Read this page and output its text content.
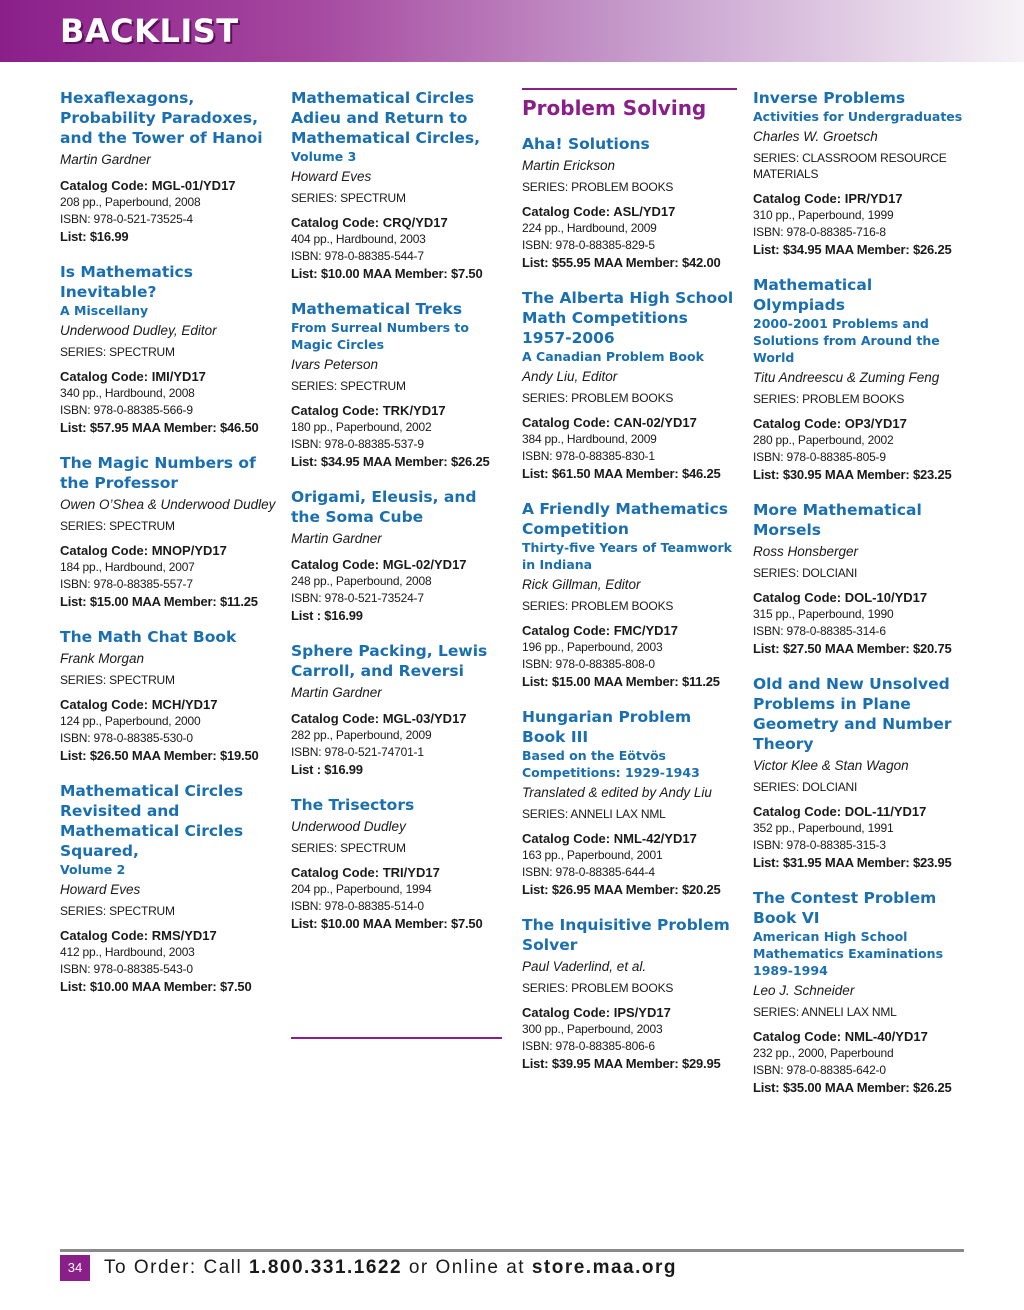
BACKLIST
Hexaflexagons, Probability Paradoxes, and the Tower of Hanoi
Martin Gardner
Catalog Code: MGL-01/YD17
208 pp., Paperbound, 2008
ISBN: 978-0-521-73525-4
List: $16.99
Is Mathematics Inevitable?
A Miscellany
Underwood Dudley, Editor
SERIES: SPECTRUM
Catalog Code: IMI/YD17
340 pp., Hardbound, 2008
ISBN: 978-0-88385-566-9
List: $57.95 MAA Member: $46.50
The Magic Numbers of the Professor
Owen O’Shea & Underwood Dudley
SERIES: SPECTRUM
Catalog Code: MNOP/YD17
184 pp., Hardbound, 2007
ISBN: 978-0-88385-557-7
List: $15.00 MAA Member: $11.25
The Math Chat Book
Frank Morgan
SERIES: SPECTRUM
Catalog Code: MCH/YD17
124 pp., Paperbound, 2000
ISBN: 978-0-88385-530-0
List: $26.50 MAA Member: $19.50
Mathematical Circles Revisited and Mathematical Circles Squared,
Volume 2
Howard Eves
SERIES: SPECTRUM
Catalog Code: RMS/YD17
412 pp., Hardbound, 2003
ISBN: 978-0-88385-543-0
List: $10.00 MAA Member: $7.50
Mathematical Circles Adieu and Return to Mathematical Circles,
Volume 3
Howard Eves
SERIES: SPECTRUM
Catalog Code: CRQ/YD17
404 pp., Hardbound, 2003
ISBN: 978-0-88385-544-7
List: $10.00 MAA Member: $7.50
Mathematical Treks
From Surreal Numbers to Magic Circles
Ivars Peterson
SERIES: SPECTRUM
Catalog Code: TRK/YD17
180 pp., Paperbound, 2002
ISBN: 978-0-88385-537-9
List: $34.95 MAA Member: $26.25
Origami, Eleusis, and the Soma Cube
Martin Gardner
Catalog Code: MGL-02/YD17
248 pp., Paperbound, 2008
ISBN: 978-0-521-73524-7
List : $16.99
Sphere Packing, Lewis Carroll, and Reversi
Martin Gardner
Catalog Code: MGL-03/YD17
282 pp., Paperbound, 2009
ISBN: 978-0-521-74701-1
List : $16.99
The Trisectors
Underwood Dudley
SERIES: SPECTRUM
Catalog Code: TRI/YD17
204 pp., Paperbound, 1994
ISBN: 978-0-88385-514-0
List: $10.00 MAA Member: $7.50
Problem Solving
Aha! Solutions
Martin Erickson
SERIES: PROBLEM BOOKS
Catalog Code: ASL/YD17
224 pp., Hardbound, 2009
ISBN: 978-0-88385-829-5
List: $55.95 MAA Member: $42.00
The Alberta High School Math Competitions 1957-2006
A Canadian Problem Book
Andy Liu, Editor
SERIES: PROBLEM BOOKS
Catalog Code: CAN-02/YD17
384 pp., Hardbound, 2009
ISBN: 978-0-88385-830-1
List: $61.50 MAA Member: $46.25
A Friendly Mathematics Competition
Thirty-five Years of Teamwork in Indiana
Rick Gillman, Editor
SERIES: PROBLEM BOOKS
Catalog Code: FMC/YD17
196 pp., Paperbound, 2003
ISBN: 978-0-88385-808-0
List: $15.00 MAA Member: $11.25
Hungarian Problem Book III
Based on the Eötvös Competitions: 1929-1943
Translated & edited by Andy Liu
SERIES: ANNELI LAX NML
Catalog Code: NML-42/YD17
163 pp., Paperbound, 2001
ISBN: 978-0-88385-644-4
List: $26.95 MAA Member: $20.25
The Inquisitive Problem Solver
Paul Vaderlind, et al.
SERIES: PROBLEM BOOKS
Catalog Code: IPS/YD17
300 pp., Paperbound, 2003
ISBN: 978-0-88385-806-6
List: $39.95 MAA Member: $29.95
Inverse Problems
Activities for Undergraduates
Charles W. Groetsch
SERIES: CLASSROOM RESOURCE MATERIALS
Catalog Code: IPR/YD17
310 pp., Paperbound, 1999
ISBN: 978-0-88385-716-8
List: $34.95 MAA Member: $26.25
Mathematical Olympiads
2000-2001 Problems and Solutions from Around the World
Titu Andreescu & Zuming Feng
SERIES: PROBLEM BOOKS
Catalog Code: OP3/YD17
280 pp., Paperbound, 2002
ISBN: 978-0-88385-805-9
List: $30.95 MAA Member: $23.25
More Mathematical Morsels
Ross Honsberger
SERIES: DOLCIANI
Catalog Code: DOL-10/YD17
315 pp., Paperbound, 1990
ISBN: 978-0-88385-314-6
List: $27.50 MAA Member: $20.75
Old and New Unsolved Problems in Plane Geometry and Number Theory
Victor Klee & Stan Wagon
SERIES: DOLCIANI
Catalog Code: DOL-11/YD17
352 pp., Paperbound, 1991
ISBN: 978-0-88385-315-3
List: $31.95 MAA Member: $23.95
The Contest Problem Book VI
American High School Mathematics Examinations 1989-1994
Leo J. Schneider
SERIES: ANNELI LAX NML
Catalog Code: NML-40/YD17
232 pp., 2000, Paperbound
ISBN: 978-0-88385-642-0
List: $35.00 MAA Member: $26.25
34	To Order: Call 1.800.331.1622 or Online at store.maa.org
